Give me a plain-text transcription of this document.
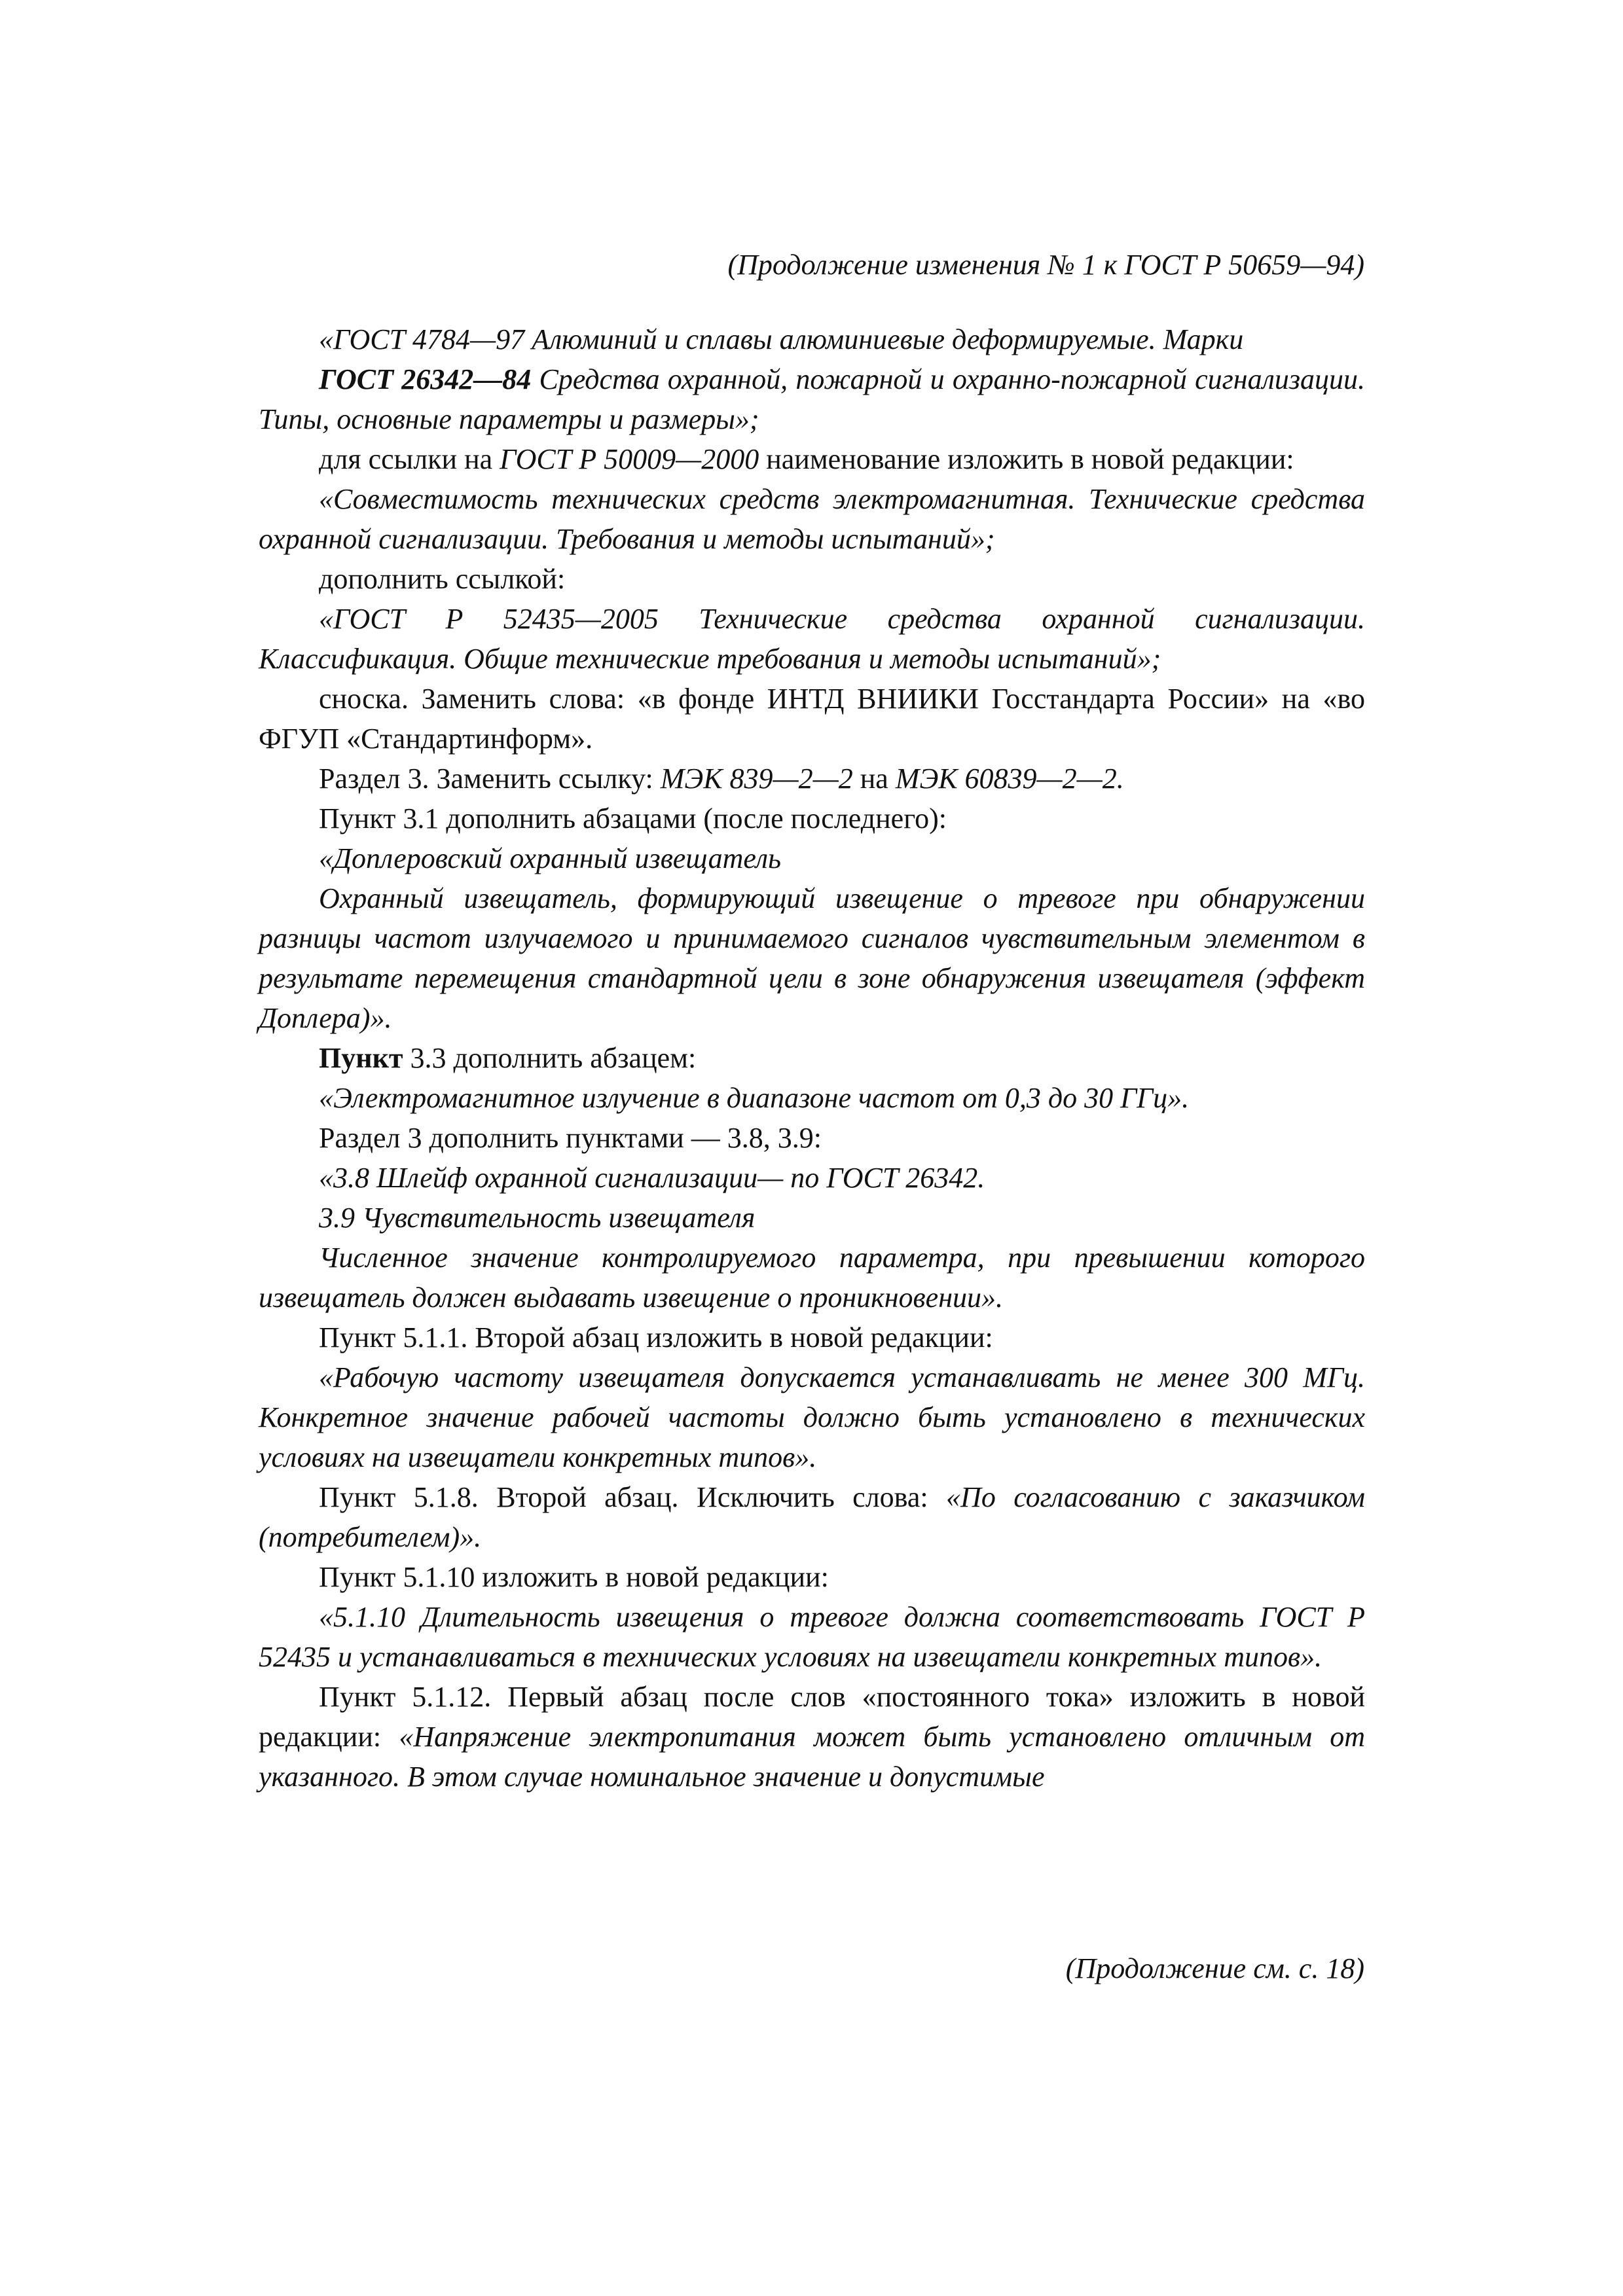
(Продолжение изменения № 1 к ГОСТ Р 50659—94)

«ГОСТ 4784—97 Алюминий и сплавы алюминиевые деформируемые. Марки

ГОСТ 26342—84 Средства охранной, пожарной и охранно-пожарной сигнализации. Типы, основные параметры и размеры»;

для ссылки на ГОСТ Р 50009—2000 наименование изложить в новой редакции:

«Совместимость технических средств электромагнитная. Технические средства охранной сигнализации. Требования и методы испытаний»;

дополнить ссылкой:

«ГОСТ Р 52435—2005 Технические средства охранной сигнализации. Классификация. Общие технические требования и методы испытаний»;

сноска. Заменить слова: «в фонде ИНТД ВНИИКИ Госстандарта России» на «во ФГУП «Стандартинформ».

Раздел 3. Заменить ссылку: МЭК 839—2—2 на МЭК 60839—2—2.

Пункт 3.1 дополнить абзацами (после последнего):

«Доплеровский охранный извещатель

Охранный извещатель, формирующий извещение о тревоге при обнаружении разницы частот излучаемого и принимаемого сигналов чувствительным элементом в результате перемещения стандартной цели в зоне обнаружения извещателя (эффект Доплера)».

Пункт 3.3 дополнить абзацем:

«Электромагнитное излучение в диапазоне частот от 0,3 до 30 ГГц».

Раздел 3 дополнить пунктами — 3.8, 3.9:

«3.8 Шлейф охранной сигнализации— по ГОСТ 26342.

3.9 Чувствительность извещателя

Численное значение контролируемого параметра, при превышении которого извещатель должен выдавать извещение о проникновении».

Пункт 5.1.1. Второй абзац изложить в новой редакции:

«Рабочую частоту извещателя допускается устанавливать не менее 300 МГц. Конкретное значение рабочей частоты должно быть установлено в технических условиях на извещатели конкретных типов».

Пункт 5.1.8. Второй абзац. Исключить слова: «По согласованию с заказчиком (потребителем)».

Пункт 5.1.10 изложить в новой редакции:

«5.1.10 Длительность извещения о тревоге должна соответствовать ГОСТ Р 52435 и устанавливаться в технических условиях на извещатели конкретных типов».

Пункт 5.1.12. Первый абзац после слов «постоянного тока» изложить в новой редакции: «Напряжение электропитания может быть установлено отличным от указанного. В этом случае номинальное значение и допустимые

(Продолжение см. с. 18)
